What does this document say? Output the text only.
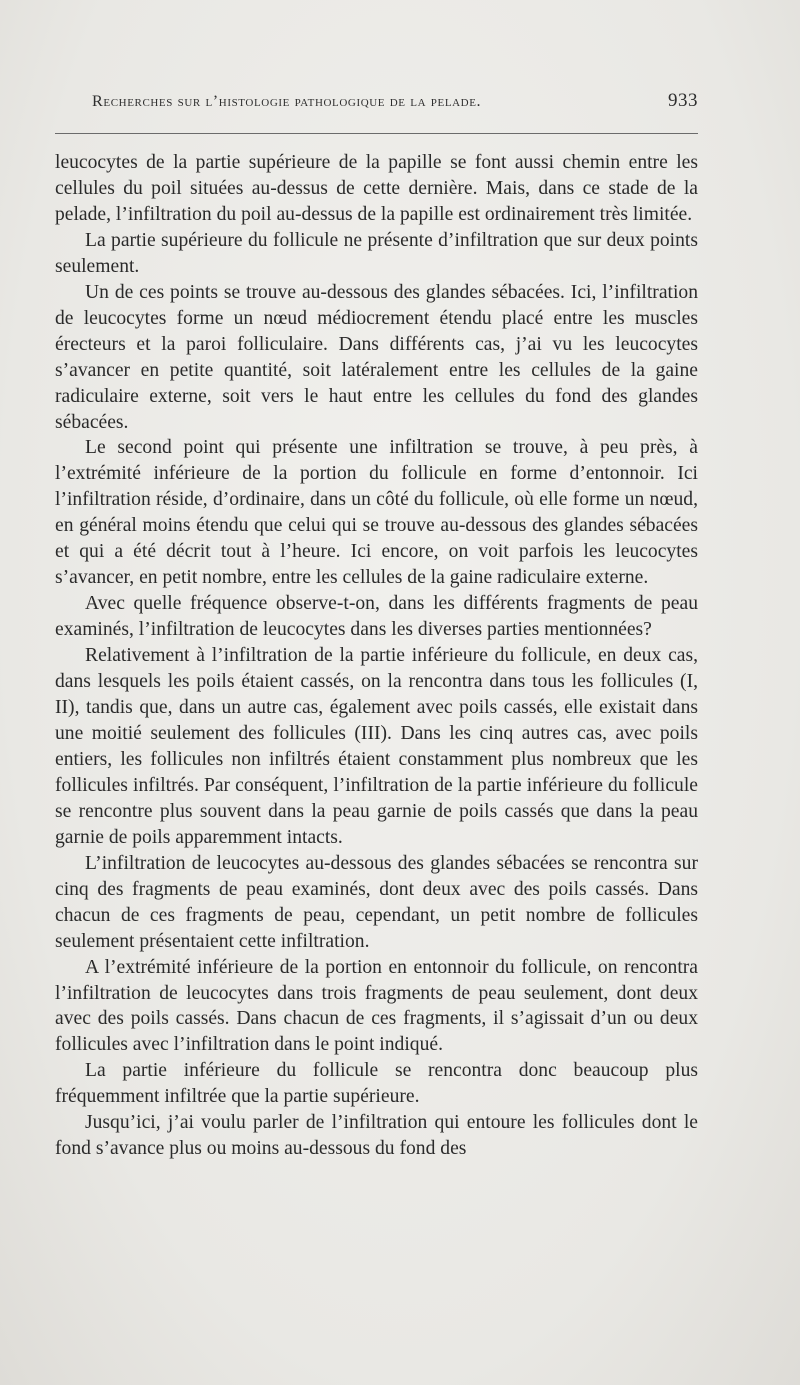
Recherches sur l’histologie pathologique de la pelade.	933

leucocytes de la partie supérieure de la papille se font aussi chemin entre les cellules du poil situées au-dessus de cette dernière. Mais, dans ce stade de la pelade, l’infiltration du poil au-dessus de la papille est ordinairement très limitée.

La partie supérieure du follicule ne présente d’infiltration que sur deux points seulement.

Un de ces points se trouve au-dessous des glandes sébacées. Ici, l’infiltration de leucocytes forme un nœud médiocrement étendu placé entre les muscles érecteurs et la paroi folliculaire. Dans différents cas, j’ai vu les leucocytes s’avancer en petite quantité, soit latéralement entre les cellules de la gaine radiculaire externe, soit vers le haut entre les cellules du fond des glandes sébacées.

Le second point qui présente une infiltration se trouve, à peu près, à l’extrémité inférieure de la portion du follicule en forme d’entonnoir. Ici l’infiltration réside, d’ordinaire, dans un côté du follicule, où elle forme un nœud, en général moins étendu que celui qui se trouve au-dessous des glandes sébacées et qui a été décrit tout à l’heure. Ici encore, on voit parfois les leucocytes s’avancer, en petit nombre, entre les cellules de la gaine radiculaire externe.

Avec quelle fréquence observe-t-on, dans les différents fragments de peau examinés, l’infiltration de leucocytes dans les diverses parties mentionnées?

Relativement à l’infiltration de la partie inférieure du follicule, en deux cas, dans lesquels les poils étaient cassés, on la rencontra dans tous les follicules (I, II), tandis que, dans un autre cas, également avec poils cassés, elle existait dans une moitié seulement des follicules (III). Dans les cinq autres cas, avec poils entiers, les follicules non infiltrés étaient constamment plus nombreux que les follicules infiltrés. Par conséquent, l’infiltration de la partie inférieure du follicule se rencontre plus souvent dans la peau garnie de poils cassés que dans la peau garnie de poils apparemment intacts.

L’infiltration de leucocytes au-dessous des glandes sébacées se rencontra sur cinq des fragments de peau examinés, dont deux avec des poils cassés. Dans chacun de ces fragments de peau, cependant, un petit nombre de follicules seulement présentaient cette infiltration.

A l’extrémité inférieure de la portion en entonnoir du follicule, on rencontra l’infiltration de leucocytes dans trois fragments de peau seulement, dont deux avec des poils cassés. Dans chacun de ces fragments, il s’agissait d’un ou deux follicules avec l’infiltration dans le point indiqué.

La partie inférieure du follicule se rencontra donc beaucoup plus fréquemment infiltrée que la partie supérieure.

Jusqu’ici, j’ai voulu parler de l’infiltration qui entoure les follicules dont le fond s’avance plus ou moins au-dessous du fond des
